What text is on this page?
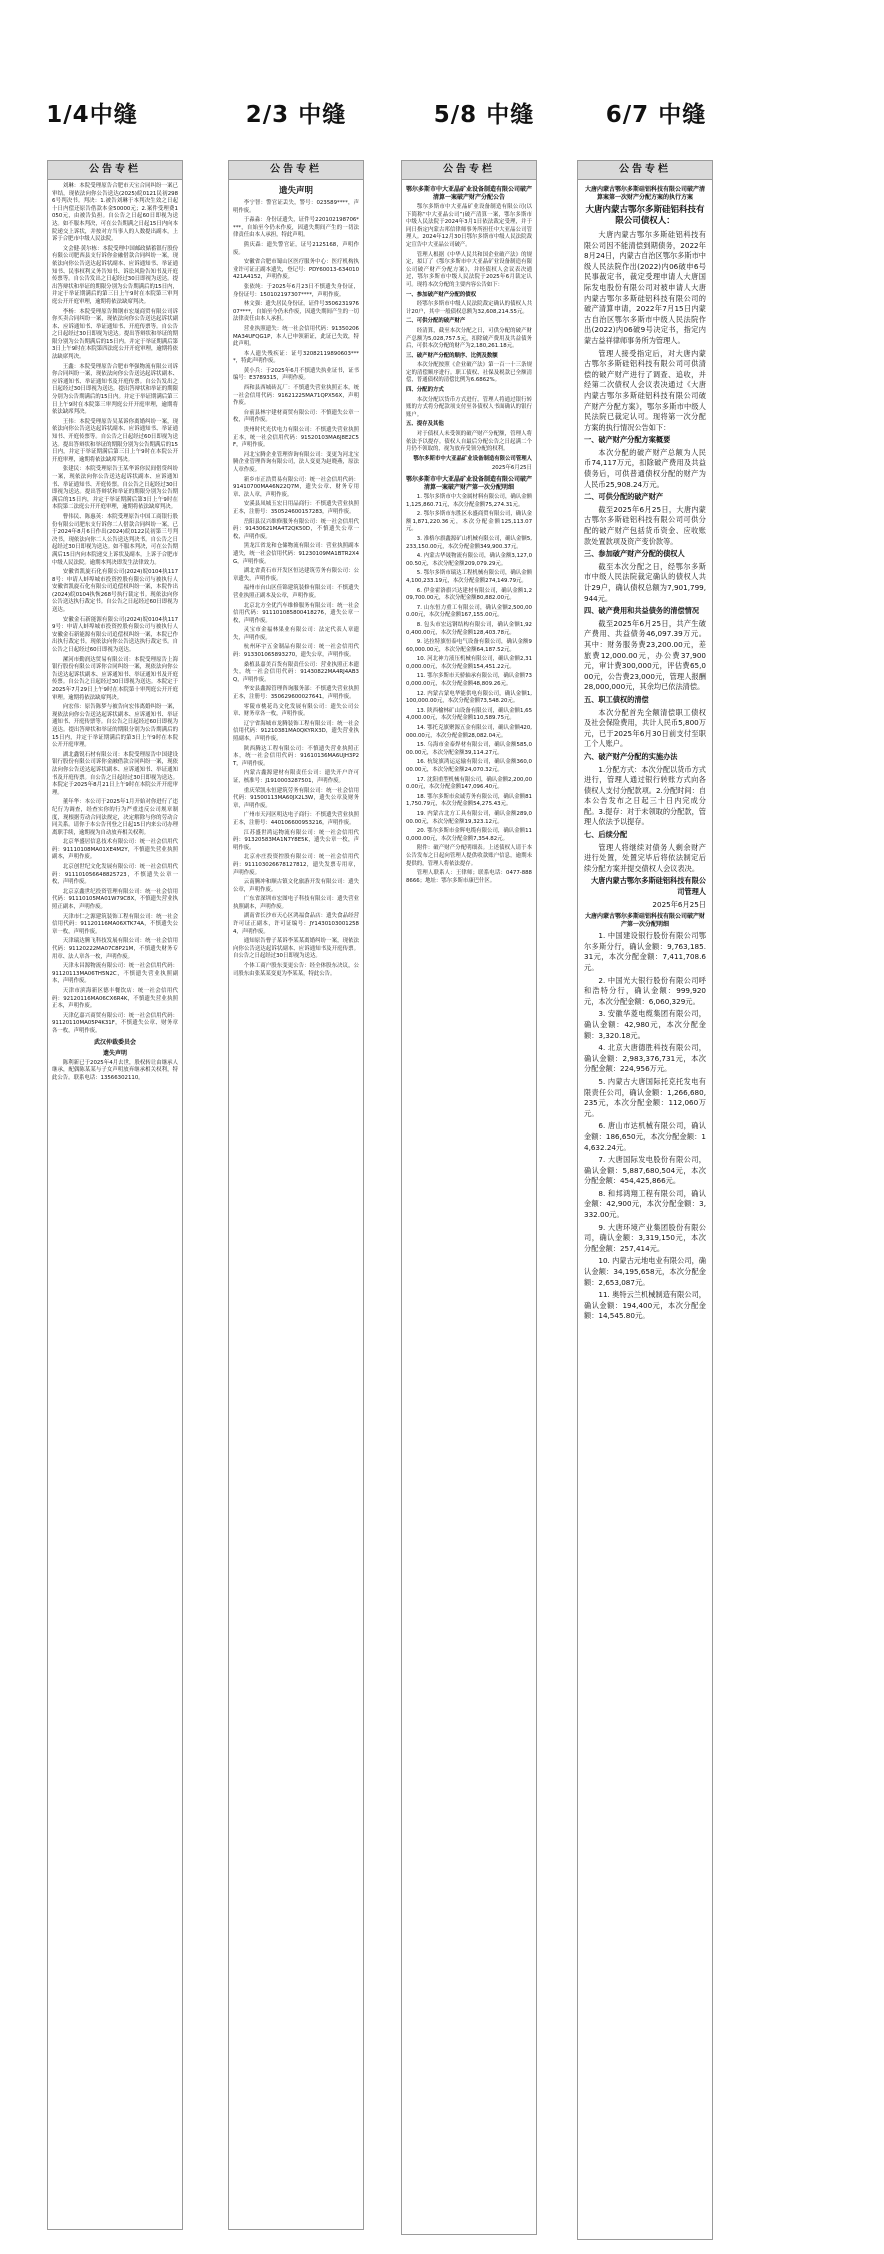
1/4中缝	2/3 中缝	5/8 中缝	6/7 中缝
公告专栏

刘琳：本院受理原告合肥市天宝合同纠纷一案已审结，现依法向你公告送达(2025)皖0121民初2986号判决书。判决：1.被告刘琳于本判决生效之日起十日内偿还原告借款本金50000元；2.案件受理费1050元，由被告负担。自公告之日起60日即视为送达。如不服本判决，可在公告期满之日起15日内向本院递交上诉状，并按对方当事人的人数提出副本，上诉于合肥市中级人民法院。

文会健·黄尔栋：本院受理中国邮政储蓄银行股份有限公司肥西县支行诉你金融借款合同纠纷一案，现依法向你公告送达起诉状副本、应诉通知书、举证通知书、民事权利义务告知书、诉讼风险告知书及开庭传票等。自公告发出之日起经过30日即视为送达。提出答辩状和举证的期限分别为公告期满后的15日内，并定于举证期满后的第三日上午9时在本院第三审判庭公开开庭审理，逾期将依法缺席判决。

李杨：本院受理原告舞钢市宏晟商贸有限公司诉你买卖合同纠纷一案，现依法向你公告送达起诉状副本、应诉通知书、举证通知书、开庭传票等。自公告之日起经过30日即视为送达。提出答辩状和举证的期限分别为公告期满后的15日内。并定于举证期满后第3日上午9时在本院第四法庭公开开庭审理，逾期将依法缺席判决。

王鑫：本院受理原告合肥市华强物流有限公司诉你合同纠纷一案，现依法向你公告送达起诉状副本、应诉通知书、举证通知书及开庭传票。自公告发出之日起经过30日即视为送达。提出答辩状和举证的期限分别为公告期满后的15日内。并定于举证期满后第三日上午9时在本院第三审判庭公开开庭审理，逾期将依法缺席判决。

王伟：本院受理原告吴某诉你离婚纠纷一案，现依法向你公告送达起诉状副本、应诉通知书、举证通知书、开庭传票等。自公告之日起经过60日即视为送达。提出答辩状和举证的期限分别为公告期满后的15日内，并定于举证期满后第三日上午9时在本院公开开庭审理，逾期将依法缺席判决。

张建民：本院受理原告王某华诉你民间借贷纠纷一案，现依法向你公告送达起诉状副本、应诉通知书、举证通知书、开庭传票。自公告之日起经过30日即视为送达。提出答辩状和举证的期限分别为公告期满后的15日内，并定于举证期满后第3日上午9时在本院第二法庭公开开庭审理，逾期将依法缺席判决。

曹伟民、陈惠英：本院受理原告中国工商银行股份有限公司肥东支行诉你二人借款合同纠纷一案，已于2024年8月6日作出(2024)皖0122民初第三号判决书，现依法向你二人公告送达判决书。自公告之日起经过30日即视为送达。如不服本判决，可在公告期满后15日内向本院递交上诉状及副本，上诉于合肥市中级人民法院。逾期本判决即发生法律效力。

安徽省凯旋石化有限公司(2024)皖0104执1178号：申请人蚌埠城市投资控股有限公司与被执行人安徽省凯旋石化有限公司追偿权纠纷一案，本院作出(2024)皖0104执恢268号执行裁定书。现依法向你公告送达执行裁定书。自公告之日起经过60日即视为送达。

安徽金石新能源有限公司(2024)皖0104执1179号：申请人蚌埠城市投资控股有限公司与被执行人安徽金石新能源有限公司追偿权纠纷一案，本院已作出执行裁定书。现依法向你公告送达执行裁定书。自公告之日起经过60日即视为送达。

漯河市勤润达贸易有限公司：本院受理原告上海银行股份有限公司诉你合同纠纷一案，现依法向你公告送达起诉状副本、应诉通知书、举证通知书及开庭传票。自公告之日起经过30日即视为送达。本院定于2025年7月29日上午9时在本院第十审判庭公开开庭审理。逾期将依法缺席判决。

向宏伟：原告陈梦与被告向宏伟离婚纠纷一案，现依法向你公告送达起诉状副本、应诉通知书、举证通知书、开庭传票等。自公告之日起经过60日即视为送达。提出答辩状和举证的期限分别为公告期满后的15日内，并定于举证期满后的第3日上午9时在本院公开开庭审理。

湖北鑫锐石材有限公司：本院受理原告中国建设银行股份有限公司诉你金融借款合同纠纷一案，现依法向你公告送达起诉状副本、应诉通知书、举证通知书及开庭传票。自公告之日起经过30日即视为送达。本院定于2025年8月21日上午9时在本院公开开庭审理。

董年华：本公司于2025年1月开始对你进行了违纪行为调查，经查实你的行为严重违反公司规章制度，现根据劳动合同法规定，决定解除与你的劳动合同关系。请你于本公告刊登之日起15日内来公司办理离职手续，逾期视为自动放弃相关权利。

北京华盛居信息技术有限公司：统一社会信用代码：91110108MA01XE4M2Y，不慎遗失营业执照副本，声明作废。

北京创世纪文化发展有限公司：统一社会信用代码：911101056648825723，不慎遗失公章一枚，声明作废。

北京京鑫世纪投资管理有限公司：统一社会信用代码：91110105MA01W79C8X，不慎遗失营业执照正副本，声明作废。

天津市仁之源建筑装饰工程有限公司：统一社会信用代码：91120116MA06XTK74A，不慎遗失公章一枚，声明作废。

天津瑞达腾飞科技发展有限公司：统一社会信用代码：91120222MA07C8P21M，不慎遗失财务专用章、法人章各一枚，声明作废。

天津永昌源物流有限公司：统一社会信用代码：91120113MA06TH5N2C，不慎遗失营业执照副本，声明作废。

天津市滨海新区德丰餐饮店：统一社会信用代码：92120116MA06CX6R4K，不慎遗失营业执照正本，声明作废。

天津亿嘉兴商贸有限公司：统一社会信用代码：91120110MA05P4K31F，不慎遗失公章、财务章各一枚，声明作废。

武汉仲裁委员会
遗失声明

陈利新已于2025年4月去世，股权转让由继承人继承，配偶陈某某与子女声明放弃继承相关权利，特此公告。联系电话：13566302110。

公告专栏
遗失声明

李宁智：警官证丢失，警号：023589****，声明作废。

于淼淼：身份证遗失，证件号220102198706****，自始至今仍未作废，因遗失期间产生的一切法律责任由本人承担，特此声明。

熊庆森：遗失警官证，证号2125168，声明作废。

安徽省合肥市蜀山区医疗服务中心：医疗机构执业许可证正副本遗失，登记号：PDY60013-634010421A4152，声明作废。

张依纯：于2025年6月23日不慎遗失身份证，身份证号：150102197307****，声明作废。

林文强：遗失居民身份证，证件号350623197607****，自始至今仍未作废，因遗失期间产生的一切法律责任由本人承担。

营业执照遗失：统一社会信用代码：91350206MA34UFQG1P，本人已申领新证，此证已失效，特此声明。

本人遗失残疾证：证号32082119890603****，特此声明作废。

黄小兵：于2025年6月不慎遗失执业证书，证书编号：E3789315，声明作废。

西和县西城砖瓦厂：不慎遗失营业执照正本，统一社会信用代码：91621225MA71QPX56X，声明作废。

台前县林宇建材商贸有限公司：不慎遗失公章一枚，声明作废。

贵州时代光伏电力有限公司：不慎遗失营业执照正本，统一社会信用代码：91520103MA6J8E2C5F，声明作废。

河北宝腾企业管理咨询有限公司：变更为河北宝腾企业管理咨询有限公司，法人变更为赵晓燕，原法人章作废。

新乡市正浩贸易有限公司：统一社会信用代码：91410700MA46N22Q7M，遗失公章、财务专用章、法人章，声明作废。

安溪县凤城玉宏日用品商行：不慎遗失营业执照正本，注册号：350524600157283，声明作废。

岳阳县汉兴维修服务有限公司：统一社会信用代码：91430621MA4T2QK50D，不慎遗失公章一枚，声明作废。

黑龙江省龙和仓储物流有限公司：营业执照副本遗失，统一社会信用代码：91230109MA1BTR2X4G，声明作废。

湖北省黄石市开发区恒达建筑劳务有限公司：公章遗失，声明作废。

福州市台山区佳锦建筑装修有限公司：不慎遗失营业执照正副本及公章，声明作废。

北京北方全优汽车维修服务有限公司：统一社会信用代码：911101085800418276，遗失公章一枚，声明作废。

灵宝市金福林果业有限公司：法定代表人章遗失，声明作废。

杭州环宇五金制品有限公司：统一社会信用代码：913301065893270，遗失公章，声明作废。

桑植县嘉美百货有限责任公司：营业执照正本遗失，统一社会信用代码：91430822MA4RJ4AB3Q，声明作废。

华安县鑫源管理咨询服务部：不慎遗失营业执照正本，注册号：350629600027641，声明作废。

零陵市桃花岛文化发展有限公司：遗失公司公章、财务章各一枚，声明作废。

辽宁省海城市龙腾装饰工程有限公司：统一社会信用代码：91210381MA0QKYRX3D，遗失营业执照副本，声明作废。

陕西腾达工程有限公司：不慎遗失营业执照正本，统一社会信用代码：91610136MA6UJH3P2T，声明作废。

内蒙古鑫源建材有限责任公司：遗失开户许可证，核准号：J1910003287501，声明作废。

重庆荣凯永恒建筑劳务有限公司：统一社会信用代码：91500113MA60JX2L3W，遗失公章及财务章，声明作废。

广州市天河区明达电子商行：不慎遗失营业执照正本，注册号：440106600953216，声明作废。

江苏盛世鸿运物流有限公司：统一社会信用代码：91320583MA1N7Y8E5K，遗失公章一枚，声明作废。

北京亦庄投资控股有限公司：统一社会信用代码：911103026678127812，遗失发票专用章，声明作废。

云南腾冲和顺古镇文化旅游开发有限公司：遗失公章，声明作废。

广东省深圳市宏图电子科技有限公司：遗失营业执照副本，声明作废。

湖南省长沙市天心区鸿福食品店：遗失食品经营许可证正副本，许可证编号：JY14301030012584，声明作废。

通知原告曹子某诉李某某离婚纠纷一案，现依法向你公告送达起诉状副本、应诉通知书及开庭传票。自公告之日起经过30日即视为送达。

个体工商户股东变更公告：经全体股东决议，公司股东由张某某变更为李某某，特此公告。

公告专栏
鄂尔多斯市中大亚晶矿业设备制造有限公司破产清算一案破产财产分配公告

鄂尔多斯市中大亚晶矿业设备制造有限公司(以下简称“中大亚晶公司”)破产清算一案，鄂尔多斯市中级人民法院于2024年3月1日依法裁定受理，并于同日指定内蒙古邦信律师事务所担任中大亚晶公司管理人。2024年12月30日鄂尔多斯市中级人民法院裁定宣告中大亚晶公司破产。

管理人根据《中华人民共和国企业破产法》的规定，拟订了《鄂尔多斯市中大亚晶矿业设备制造有限公司破产财产分配方案》，并经债权人会议表决通过，鄂尔多斯市中级人民法院于2025年6月裁定认可。现将本次分配的主要内容公告如下：

一、参加破产财产分配的债权

经鄂尔多斯市中级人民法院裁定确认的债权人共计20户，其中一般债权总额为32,608,214.55元。

二、可供分配的破产财产

经清算，截至本次分配之日，可供分配的破产财产总额为5,028,757.5元，扣除破产费用及共益债务后，可供本次分配的财产为2,180,261.18元。

三、破产财产分配的顺序、比例及数额

本次分配按照《企业破产法》第一百一十三条规定的清偿顺序进行。职工债权、社保及税款已全额清偿，普通债权的清偿比例为6.6862%。

四、分配的方式

本次分配以货币方式进行，管理人将通过银行转账的方式将分配款项支付至各债权人书面确认的银行账户。

五、提存及其他

对于债权人未受领的破产财产分配额，管理人将依法予以提存。债权人自最后分配公告之日起满二个月仍不领取的，视为放弃受领分配的权利。

鄂尔多斯市中大亚晶矿业设备制造有限公司管理人
2025年6月25日
鄂尔多斯市中大亚晶矿业设备制造有限公司破产清算一案破产财产第一次分配明细

1. 鄂尔多斯市中大金属材料有限公司，确认金额1,125,860.71元，本次分配金额75,274.31元。

2. 鄂尔多斯市东胜区永盛商贸有限公司，确认金额1,871,220.36元，本次分配金额125,113.07元。

3. 准格尔旗鑫源矿山机械有限公司，确认金额5,233,150.00元，本次分配金额349,900.37元。

4. 内蒙古华晟物流有限公司，确认金额3,127,000.50元，本次分配金额209,079.29元。

5. 鄂尔多斯市瑞达工程机械有限公司，确认金额4,100,233.19元，本次分配金额274,149.79元。

6. 伊金霍洛旗兴达建材有限公司，确认金额1,209,700.00元，本次分配金额80,882.00元。

7. 山东恒力重工有限公司，确认金额2,500,000.00元，本次分配金额167,155.00元。

8. 包头市宏远钢结构有限公司，确认金额1,920,400.00元，本次分配金额128,403.78元。

9. 达拉特旗恒泰电气设备有限公司，确认金额960,000.00元，本次分配金额64,187.52元。

10. 河北神力液压机械有限公司，确认金额2,310,000.00元，本次分配金额154,451.22元。

11. 鄂尔多斯市天骄轴承有限公司，确认金额730,000.00元，本次分配金额48,809.26元。

12. 内蒙古蒙电华能供电有限公司，确认金额1,100,000.00元，本次分配金额73,548.20元。

13. 陕西榆林矿山设备有限公司，确认金额1,654,000.00元，本次分配金额110,589.75元。

14. 鄂托克旗聚源五金有限公司，确认金额420,000.00元，本次分配金额28,082.04元。

15. 乌海市金泰焊材有限公司，确认金额585,000.00元，本次分配金额39,114.27元。

16. 杭锭旗鸿运运输有限公司，确认金额360,000.00元，本次分配金额24,070.32元。

17. 沈阳重型机械有限公司，确认金额2,200,000.00元，本次分配金额147,096.40元。

18. 鄂尔多斯市众诚劳务有限公司，确认金额811,750.79元，本次分配金额54,275.43元。

19. 内蒙古北方工具有限公司，确认金额289,000.00元，本次分配金额19,323.12元。

20. 鄂尔多斯市金辉电缆有限公司，确认金额110,000.00元，本次分配金额7,354.82元。

附件：破产财产分配明细表。上述债权人请于本公告发布之日起向管理人提供收款账户信息，逾期未提供的，管理人将依法提存。

管理人联系人：王律师；联系电话：0477-8888666；地址：鄂尔多斯市康巴什区。

公告专栏
大唐内蒙古鄂尔多斯硅铝科技有限公司破产清算案第一次财产分配方案的执行方案
大唐内蒙古鄂尔多斯硅铝科技有限公司债权人：

大唐内蒙古鄂尔多斯硅铝科技有限公司因不能清偿到期债务，2022年8月24日，内蒙古自治区鄂尔多斯市中级人民法院作出(2022)内06破申6号民事裁定书，裁定受理申请人大唐国际发电股份有限公司对被申请人大唐内蒙古鄂尔多斯硅铝科技有限公司的破产清算申请，2022年7月15日内蒙古自治区鄂尔多斯市中级人民法院作出(2022)内06破9号决定书，指定内蒙古益祥律师事务所为管理人。

管理人接受指定后，对大唐内蒙古鄂尔多斯硅铝科技有限公司可供清偿的破产财产进行了调查、追收，并经第二次债权人会议表决通过《大唐内蒙古鄂尔多斯硅铝科技有限公司破产财产分配方案》，鄂尔多斯市中级人民法院已裁定认可。现将第一次分配方案的执行情况公告如下：

一、破产财产分配方案概要

本次分配的破产财产总额为人民币74,117万元，扣除破产费用及共益债务后，可供普通债权分配的财产为人民币25,908.24万元。

二、可供分配的破产财产

截至2025年6月25日，大唐内蒙古鄂尔多斯硅铝科技有限公司可供分配的破产财产包括货币资金、应收账款处置款项及资产变价款等。

三、参加破产财产分配的债权人

截至本次分配之日，经鄂尔多斯市中级人民法院裁定确认的债权人共计29户，确认债权总额为7,901,799,944元。

四、破产费用和共益债务的清偿情况

截至2025年6月25日，共产生破产费用、共益债务46,097.39万元。其中：财务服务费23,200.00元，差旅费12,000.00元，办公费37,900元，审计费300,000元，评估费65,000元，公告费23,000元，管理人报酬28,000,000元，其余均已依法清偿。

五、职工债权的清偿

本次分配首先全额清偿职工债权及社会保险费用，共计人民币5,800万元，已于2025年6月30日前支付至职工个人账户。

六、破产财产分配的实施办法

1.分配方式：本次分配以货币方式进行，管理人通过银行转账方式向各债权人支付分配款项。2.分配时间：自本公告发布之日起三十日内完成分配。3.提存：对于未领取的分配款，管理人依法予以提存。

七、后续分配

管理人将继续对债务人剩余财产进行处置，处置完毕后将依法制定后续分配方案并提交债权人会议表决。

大唐内蒙古鄂尔多斯硅铝科技有限公司管理人
2025年6月25日
大唐内蒙古鄂尔多斯硅铝科技有限公司破产财产第一次分配明细

1. 中国建设银行股份有限公司鄂尔多斯分行，确认金额：9,763,185.31元，本次分配金额：7,411,708.6元。

2. 中国光大银行股份有限公司呼和浩特分行，确认金额：999,920元，本次分配金额：6,060,329元。

3. 安徽华菱电缆集团有限公司，确认金额：42,980元，本次分配金额：3,320.18元。

4. 北京大唐德胜科技有限公司，确认金额：2,983,376,731元，本次分配金额：224,956万元。

5. 内蒙古大唐国际托克托发电有限责任公司，确认金额：1,266,680,235元，本次分配金额：112,060万元。

6. 唐山市达机械有限公司，确认金额：186,650元，本次分配金额：14,632.24元。

7. 大唐国际发电股份有限公司，确认金额：5,887,680,504元，本次分配金额：454,425,866元。

8. 和邦鸿翔工程有限公司，确认金额：42,900元，本次分配金额：3,332.00元。

9. 大唐环境产业集团股份有限公司，确认金额：3,319,150元，本次分配金额：257,414元。

10. 内蒙古元地电业有限公司，确认金额：34,195,658元，本次分配金额：2,653,087元。

11. 奥特云兰机械制造有限公司，确认金额：194,400元，本次分配金额：14,545.80元。
